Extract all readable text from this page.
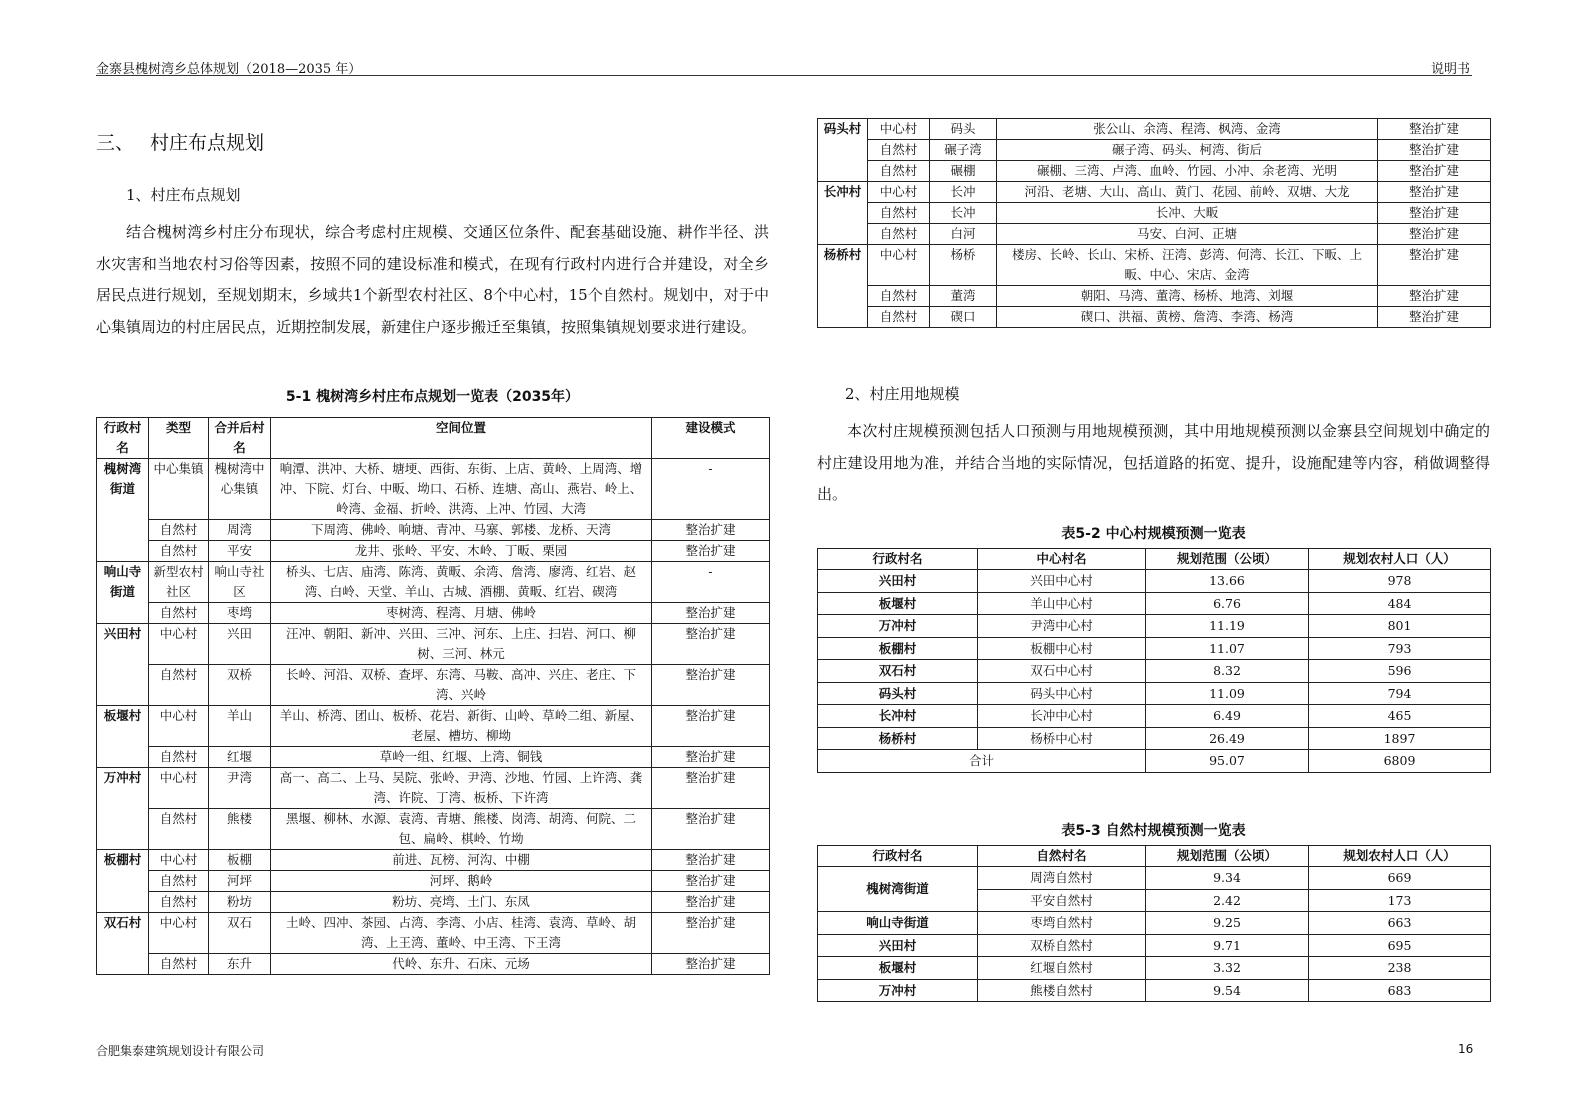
金寨县槐树湾乡总体规划（2018—2035 年）	说明书
三、 村庄布点规划
1、村庄布点规划
结合槐树湾乡村庄分布现状，综合考虑村庄规模、交通区位条件、配套基础设施、耕作半径、洪水灾害和当地农村习俗等因素，按照不同的建设标准和模式，在现有行政村内进行合并建设，对全乡居民点进行规划，至规划期末，乡域共1个新型农村社区、8个中心村，15个自然村。规划中，对于中心集镇周边的村庄居民点，近期控制发展，新建住户逐步搬迁至集镇，按照集镇规划要求进行建设。
5-1 槐树湾乡村庄布点规划一览表（2035年）
行政村名	类型	合并后村名	空间位置	建设模式
槐树湾街道	中心集镇	槐树湾中心集镇	响潭、洪冲、大桥、塘埂、西街、东街、上店、黄岭、上周湾、增冲、下院、灯台、中畈、坳口、石桥、连塘、高山、燕岩、岭上、岭湾、金福、折岭、洪湾、上冲、竹园、大湾	-
	自然村	周湾	下周湾、佛岭、响塘、青冲、马寨、郭楼、龙桥、天湾	整治扩建
	自然村	平安	龙井、张岭、平安、木岭、丁畈、栗园	整治扩建
响山寺街道	新型农村社区	响山寺社区	桥头、七店、庙湾、陈湾、黄畈、余湾、詹湾、廖湾、红岩、赵湾、白岭、天堂、羊山、古城、酒棚、黄畈、红岩、碶湾	-
	自然村	枣塆	枣树湾、程湾、月塘、佛岭	整治扩建
兴田村	中心村	兴田	汪冲、朝阳、新冲、兴田、三冲、河东、上庄、扫岩、河口、柳树、三河、林元	整治扩建
	自然村	双桥	长岭、河沿、双桥、查坪、东湾、马鞍、高冲、兴庄、老庄、下湾、兴岭	整治扩建
板堰村	中心村	羊山	羊山、桥湾、团山、板桥、花岩、新街、山岭、草岭二组、新屋、老屋、槽坊、柳坳	整治扩建
	自然村	红堰	草岭一组、红堰、上湾、铜钱	整治扩建
万冲村	中心村	尹湾	高一、高二、上马、吴院、张岭、尹湾、沙地、竹园、上许湾、龚湾、许院、丁湾、板桥、下许湾	整治扩建
	自然村	熊楼	黑堰、柳林、水源、袁湾、青塘、熊楼、岗湾、胡湾、何院、二包、扁岭、棋岭、竹坳	整治扩建
板棚村	中心村	板棚	前进、瓦榜、河沟、中棚	整治扩建
	自然村	河坪	河坪、鹅岭	整治扩建
	自然村	粉坊	粉坊、亮塆、土门、东凤	整治扩建
双石村	中心村	双石	土岭、四冲、茶园、占湾、李湾、小店、桂湾、袁湾、草岭、胡湾、上王湾、董岭、中王湾、下王湾	整治扩建
	自然村	东升	代岭、东升、石床、元场	整治扩建
码头村	中心村	码头	张公山、余湾、程湾、枫湾、金湾	整治扩建
	自然村	碾子湾	碾子湾、码头、柯湾、街后	整治扩建
	自然村	碾棚	碾棚、三湾、卢湾、血岭、竹园、小冲、余老湾、光明	整治扩建
长冲村	中心村	长冲	河沿、老塘、大山、高山、黄门、花园、前岭、双塘、大龙	整治扩建
	自然村	长冲	长冲、大畈	整治扩建
	自然村	白河	马安、白河、正塘	整治扩建
杨桥村	中心村	杨桥	楼房、长岭、长山、宋桥、汪湾、彭湾、何湾、长江、下畈、上畈、中心、宋店、金湾	整治扩建
	自然村	董湾	朝阳、马湾、董湾、杨桥、地湾、刘堰	整治扩建
	自然村	碶口	碶口、洪福、黄榜、詹湾、李湾、杨湾	整治扩建
2、村庄用地规模
本次村庄规模预测包括人口预测与用地规模预测，其中用地规模预测以金寨县空间规划中确定的村庄建设用地为准，并结合当地的实际情况，包括道路的拓宽、提升，设施配建等内容，稍做调整得出。
表5-2 中心村规模预测一览表
行政村名	中心村名	规划范围（公顷）	规划农村人口（人）
兴田村	兴田中心村	13.66	978
板堰村	羊山中心村	6.76	484
万冲村	尹湾中心村	11.19	801
板棚村	板棚中心村	11.07	793
双石村	双石中心村	8.32	596
码头村	码头中心村	11.09	794
长冲村	长冲中心村	6.49	465
杨桥村	杨桥中心村	26.49	1897
合计		95.07	6809
表5-3 自然村规模预测一览表
行政村名	自然村名	规划范围（公顷）	规划农村人口（人）
槐树湾街道	周湾自然村	9.34	669
	平安自然村	2.42	173
响山寺街道	枣塆自然村	9.25	663
兴田村	双桥自然村	9.71	695
板堰村	红堰自然村	3.32	238
万冲村	熊楼自然村	9.54	683
合肥集泰建筑规划设计有限公司	16
